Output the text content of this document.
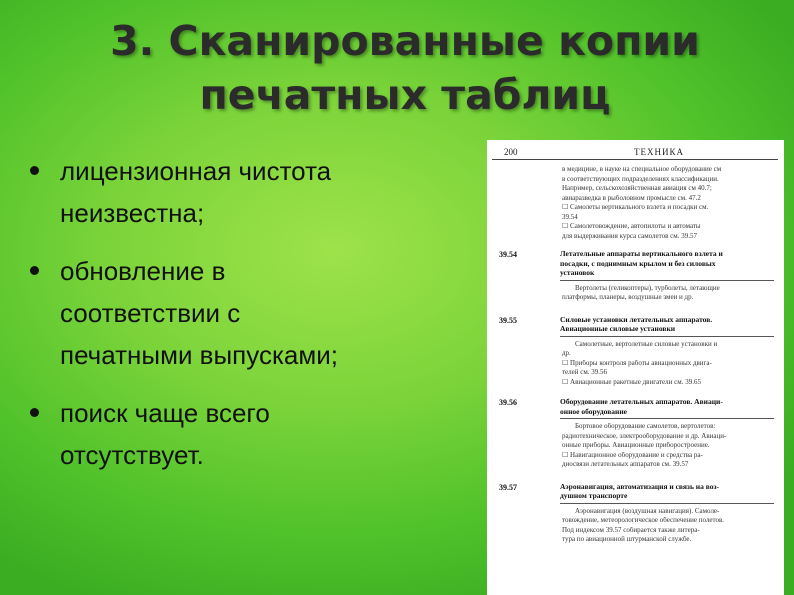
3. Сканированные копии
печатных таблиц
лицензионная чистота
неизвестна;
обновление в
соответствии с
печатными выпусками;
поиск чаще всего
отсутствует.
200	ТЕХНИКА
в медицине, в науке на специальное оборудование см
в соответствующих подразделениях классификации.
Например, сельскохозяйственная авиация см 40.7;
авиаразведка в рыболовном промысле см. 47.2
☐ Самолеты вертикального взлета и посадки см.
39.54
☐ Самолетовождение, автопилоты и автоматы
для выдерживания курса самолетов см. 39.57
39.54	Летательные аппараты вертикального взлета и
посадки, с поднимным крылом и без силовых
установок
Вертолеты (геликоптеры), турболеты, летающие
платформы, планеры, воздушные змеи и др.
39.55	Силовые установки летательных аппаратов.
Авиационные силовые установки
Самолетные, вертолетные силовые установки и
др.
☐ Приборы контроля работы авиационных двига-
телей см. 39.56
☐ Авиационные ракетные двигатели см. 39.65
39.56	Оборудование летательных аппаратов. Авиаци-
онное оборудование
Бортовое оборудование самолетов, вертолетов:
радиотехническое, электрооборудование и др. Авиаци-
онные приборы. Авиационные приборостроение.
☐ Навигационное оборудование и средства ра-
диосвязи летательных аппаратов см. 39.57
39.57	Аэронавигация, автоматизация и связь на воз-
душном транспорте
Аэронавигация (воздушная навигация). Самоле-
товождение, метеорологическое обеспечение полетов.
Под индексом 39.57 собирается также литера-
тура по авиационной штурманской службе.
